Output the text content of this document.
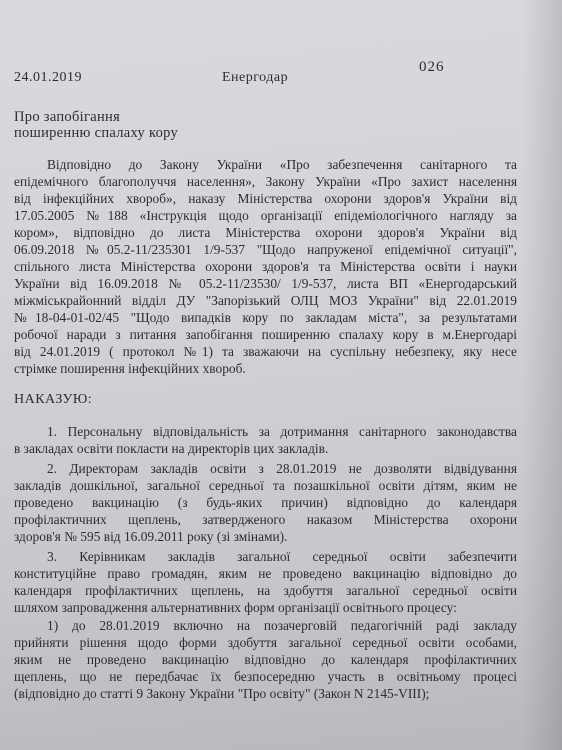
24.01.2019	Енергодар
026
Про запобігання
поширенню спалаху кору
Відповідно до Закону України «Про забезпечення санітарного та
епідемічного благополуччя населення», Закону України «Про захист населення
від інфекційних хвороб», наказу Міністерства охорони здоров'я України від
17.05.2005 №188 «Інструкція щодо організації епідеміологічного нагляду за
кором», відповідно до листа Міністерства охорони здоров'я України від
06.09.2018 №05.2-11/235301 1/9-537 "Щодо напруженої епідемічної ситуації",
спільного листа Міністерства охорони здоров'я та Міністерства освіти і науки
України від 16.09.2018 № 05.2-11/23530/ 1/9-537, листа ВП «Енергодарський
міжміськрайонний відділ ДУ "Запорізький ОЛЦ МОЗ України" від 22.01.2019
№18-04-01-02/45 "Щодо випадків кору по закладам міста", за результатами
робочої наради з питання запобігання поширенню спалаху кору в м.Енергодарі
від 24.01.2019 ( протокол №1) та зважаючи на суспільну небезпеку, яку несе
стрімке поширення інфекційних хвороб.
НАКАЗУЮ:
1. Персональну відповідальність за дотримання санітарного законодавства
в закладах освіти покласти на директорів цих закладів.
2. Директорам закладів освіти з 28.01.2019 не дозволяти відвідування
закладів дошкільної, загальної середньої та позашкільної освіти дітям, яким не
проведено вакцинацію (з будь-яких причин) відповідно до календаря
профілактичних щеплень, затвердженого наказом Міністерства охорони
здоров'я № 595 від 16.09.2011 року (зі змінами).
3. Керівникам закладів загальної середньої освіти забезпечити
конституційне право громадян, яким не проведено вакцинацію відповідно до
календаря профілактичних щеплень, на здобуття загальної середньої освіти
шляхом запровадження альтернативних форм організації освітнього процесу:
1) до 28.01.2019 включно на позачерговій педагогічній раді закладу
прийняти рішення щодо форми здобуття загальної середньої освіти особами,
яким не проведено вакцинацію відповідно до календаря профілактичних
щеплень, що не передбачає їх безпосередню участь в освітньому процесі
(відповідно до статті 9 Закону України "Про освіту" (Закон N 2145-VIII);
